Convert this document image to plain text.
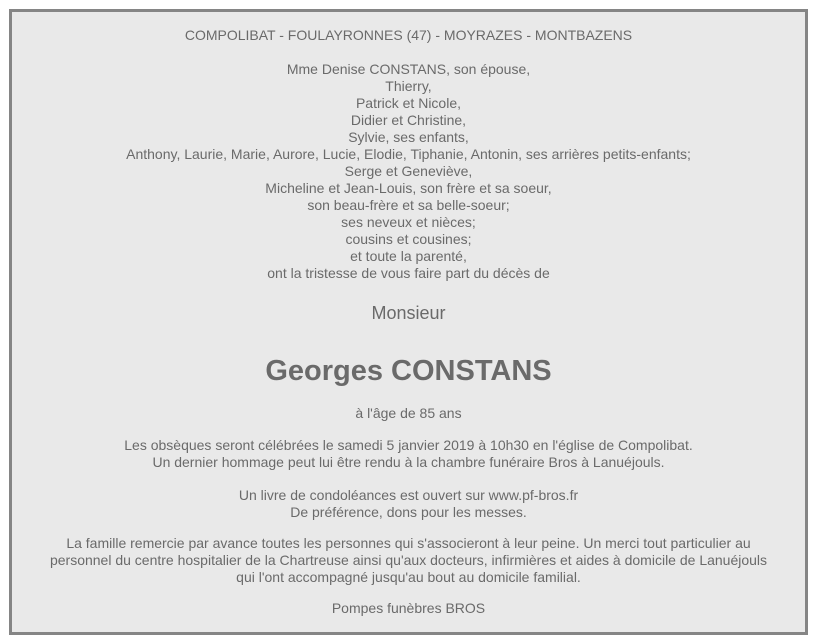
COMPOLIBAT - FOULAYRONNES (47) - MOYRAZES - MONTBAZENS
Mme Denise CONSTANS, son épouse,
Thierry,
Patrick et Nicole,
Didier et Christine,
Sylvie, ses enfants,
Anthony, Laurie, Marie, Aurore, Lucie, Elodie, Tiphanie, Antonin, ses arrières petits-enfants;
Serge et Geneviève,
Micheline et Jean-Louis, son frère et sa soeur,
son beau-frère et sa belle-soeur;
ses neveux et nièces;
cousins et cousines;
et toute la parenté,
ont la tristesse de vous faire part du décès de
Monsieur
Georges CONSTANS
à l'âge de 85 ans
Les obsèques seront célébrées le samedi 5 janvier 2019 à 10h30 en l'église de Compolibat.
Un dernier hommage peut lui être rendu à la chambre funéraire Bros à Lanuéjouls.
Un livre de condoléances est ouvert sur www.pf-bros.fr
De préférence, dons pour les messes.
La famille remercie par avance toutes les personnes qui s'associeront à leur peine. Un merci tout particulier au
personnel du centre hospitalier de la Chartreuse ainsi qu'aux docteurs, infirmières et aides à domicile de Lanuéjouls
qui l'ont accompagné jusqu'au bout au domicile familial.
Pompes funèbres BROS
